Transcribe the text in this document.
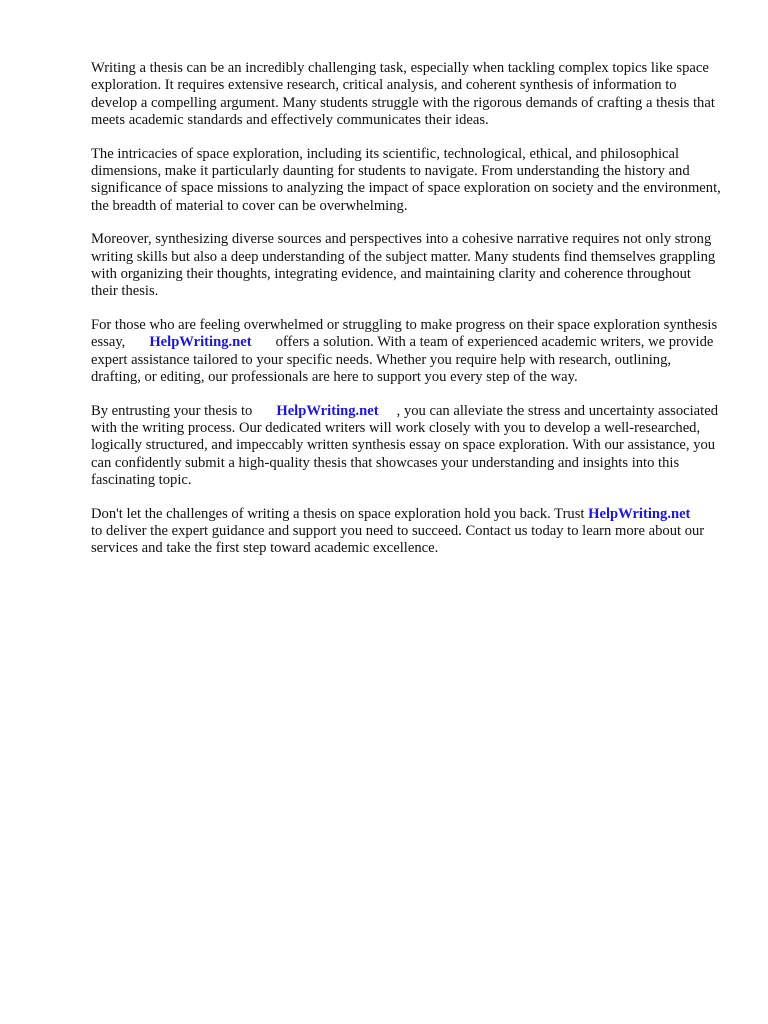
Writing a thesis can be an incredibly challenging task, especially when tackling complex topics like space exploration. It requires extensive research, critical analysis, and coherent synthesis of information to develop a compelling argument. Many students struggle with the rigorous demands of crafting a thesis that meets academic standards and effectively communicates their ideas.

The intricacies of space exploration, including its scientific, technological, ethical, and philosophical dimensions, make it particularly daunting for students to navigate. From understanding the history and significance of space missions to analyzing the impact of space exploration on society and the environment, the breadth of material to cover can be overwhelming.

Moreover, synthesizing diverse sources and perspectives into a cohesive narrative requires not only strong writing skills but also a deep understanding of the subject matter. Many students find themselves grappling with organizing their thoughts, integrating evidence, and maintaining clarity and coherence throughout their thesis.

For those who are feeling overwhelmed or struggling to make progress on their space exploration synthesis essay, HelpWriting.net offers a solution. With a team of experienced academic writers, we provide expert assistance tailored to your specific needs. Whether you require help with research, outlining, drafting, or editing, our professionals are here to support you every step of the way.

By entrusting your thesis to HelpWriting.net , you can alleviate the stress and uncertainty associated with the writing process. Our dedicated writers will work closely with you to develop a well-researched, logically structured, and impeccably written synthesis essay on space exploration. With our assistance, you can confidently submit a high-quality thesis that showcases your understanding and insights into this fascinating topic.

Don't let the challenges of writing a thesis on space exploration hold you back. Trust HelpWriting.netto deliver the expert guidance and support you need to succeed. Contact us today to learn more about our services and take the first step toward academic excellence.
